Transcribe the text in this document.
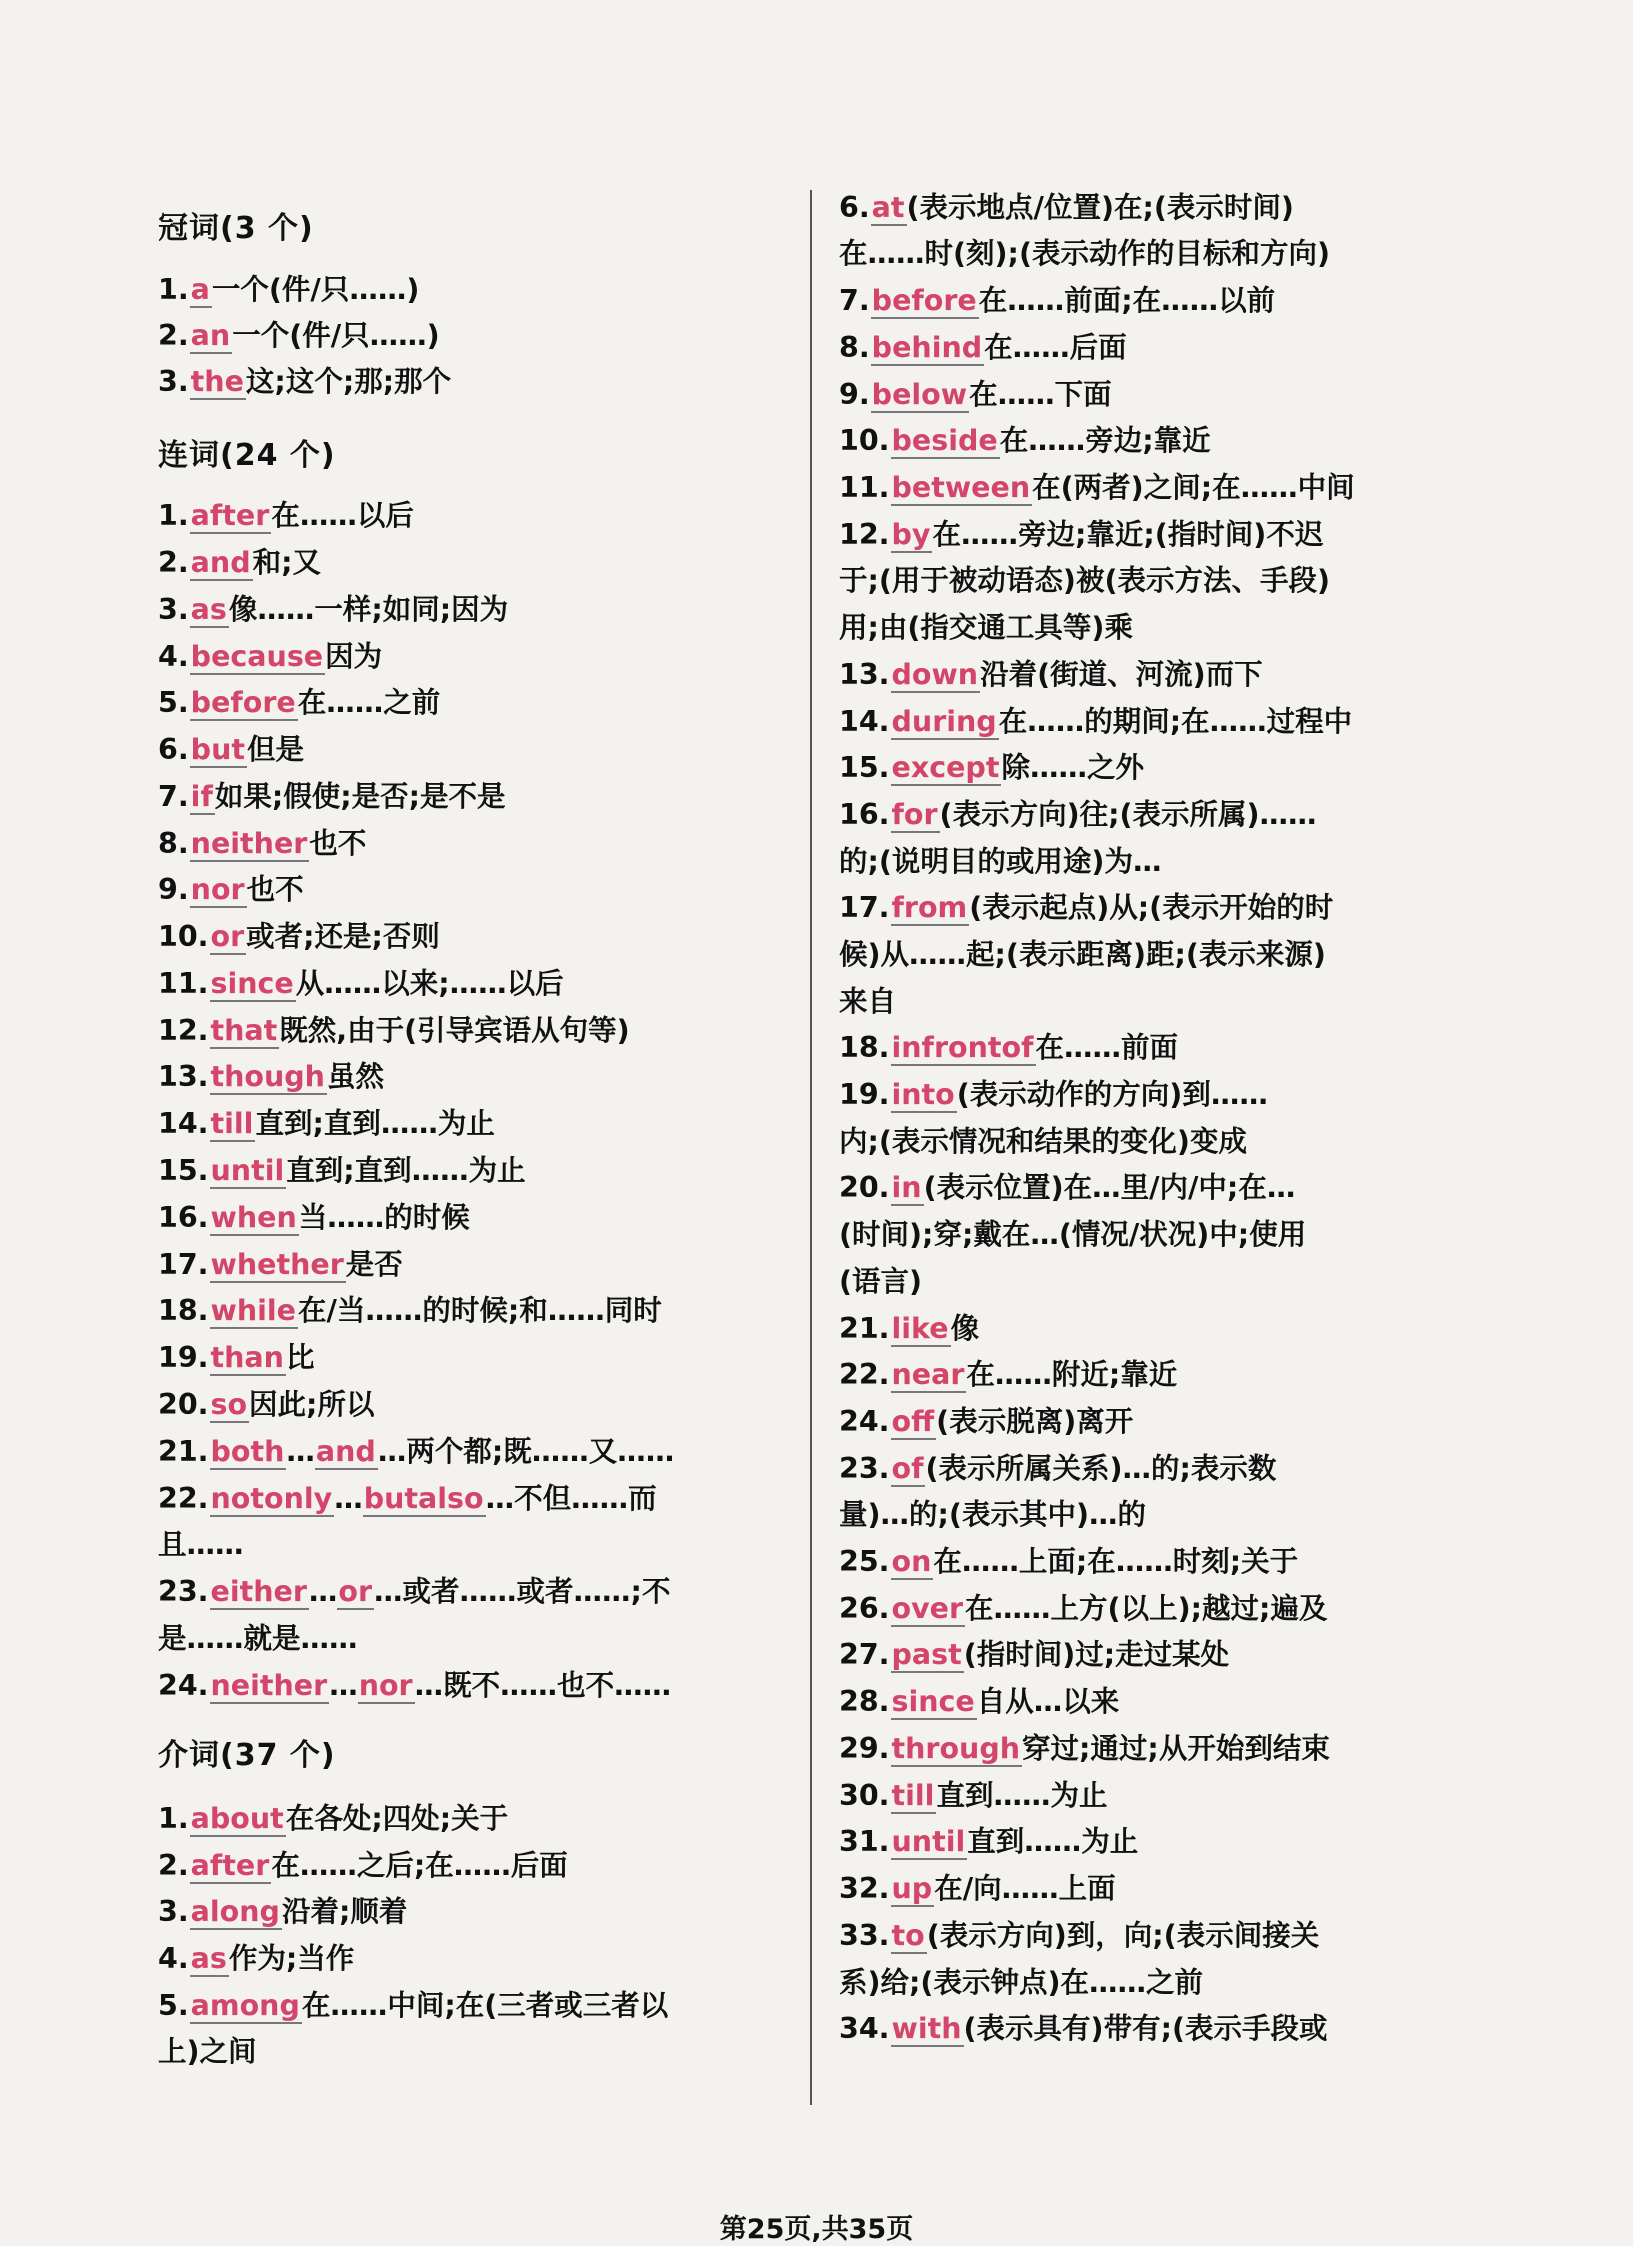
冠词(3 个)
1.a一个(件/只……)
2.an一个(件/只……)
3.the这;这个;那;那个
连词(24 个)
1.after在……以后
2.and和;又
3.as像……一样;如同;因为
4.because因为
5.before在……之前
6.but但是
7.if如果;假使;是否;是不是
8.neither也不
9.nor也不
10.or或者;还是;否则
11.since从……以来;……以后
12.that既然,由于(引导宾语从句等)
13.though虽然
14.till直到;直到……为止
15.until直到;直到……为止
16.when当……的时候
17.whether是否
18.while在/当……的时候;和……同时
19.than比
20.so因此;所以
21.both…and…两个都;既……又……
22.notonly…butalso…不但……而
且……
23.either…or…或者……或者……;不
是……就是……
24.neither…nor…既不……也不……
介词(37 个)
1.about在各处;四处;关于
2.after在……之后;在……后面
3.along沿着;顺着
4.as作为;当作
5.among在……中间;在(三者或三者以
上)之间
6.at(表示地点/位置)在;(表示时间)
在……时(刻);(表示动作的目标和方向)
7.before在……前面;在……以前
8.behind在……后面
9.below在……下面
10.beside在……旁边;靠近
11.between在(两者)之间;在……中间
12.by在……旁边;靠近;(指时间)不迟
于;(用于被动语态)被(表示方法、手段)
用;由(指交通工具等)乘
13.down沿着(街道、河流)而下
14.during在……的期间;在……过程中
15.except除……之外
16.for(表示方向)往;(表示所属)……
的;(说明目的或用途)为…
17.from(表示起点)从;(表示开始的时
候)从……起;(表示距离)距;(表示来源)
来自
18.infrontof在……前面
19.into(表示动作的方向)到……
内;(表示情况和结果的变化)变成
20.in(表示位置)在…里/内/中;在…
(时间);穿;戴在…(情况/状况)中;使用
(语言)
21.like像
22.near在……附近;靠近
24.off(表示脱离)离开
23.of(表示所属关系)…的;表示数
量)…的;(表示其中)…的
25.on在……上面;在……时刻;关于
26.over在……上方(以上);越过;遍及
27.past(指时间)过;走过某处
28.since自从…以来
29.through穿过;通过;从开始到结束
30.till直到……为止
31.until直到……为止
32.up在/向……上面
33.to(表示方向)到，向;(表示间接关
系)给;(表示钟点)在……之前
34.with(表示具有)带有;(表示手段或
第25页,共35页
